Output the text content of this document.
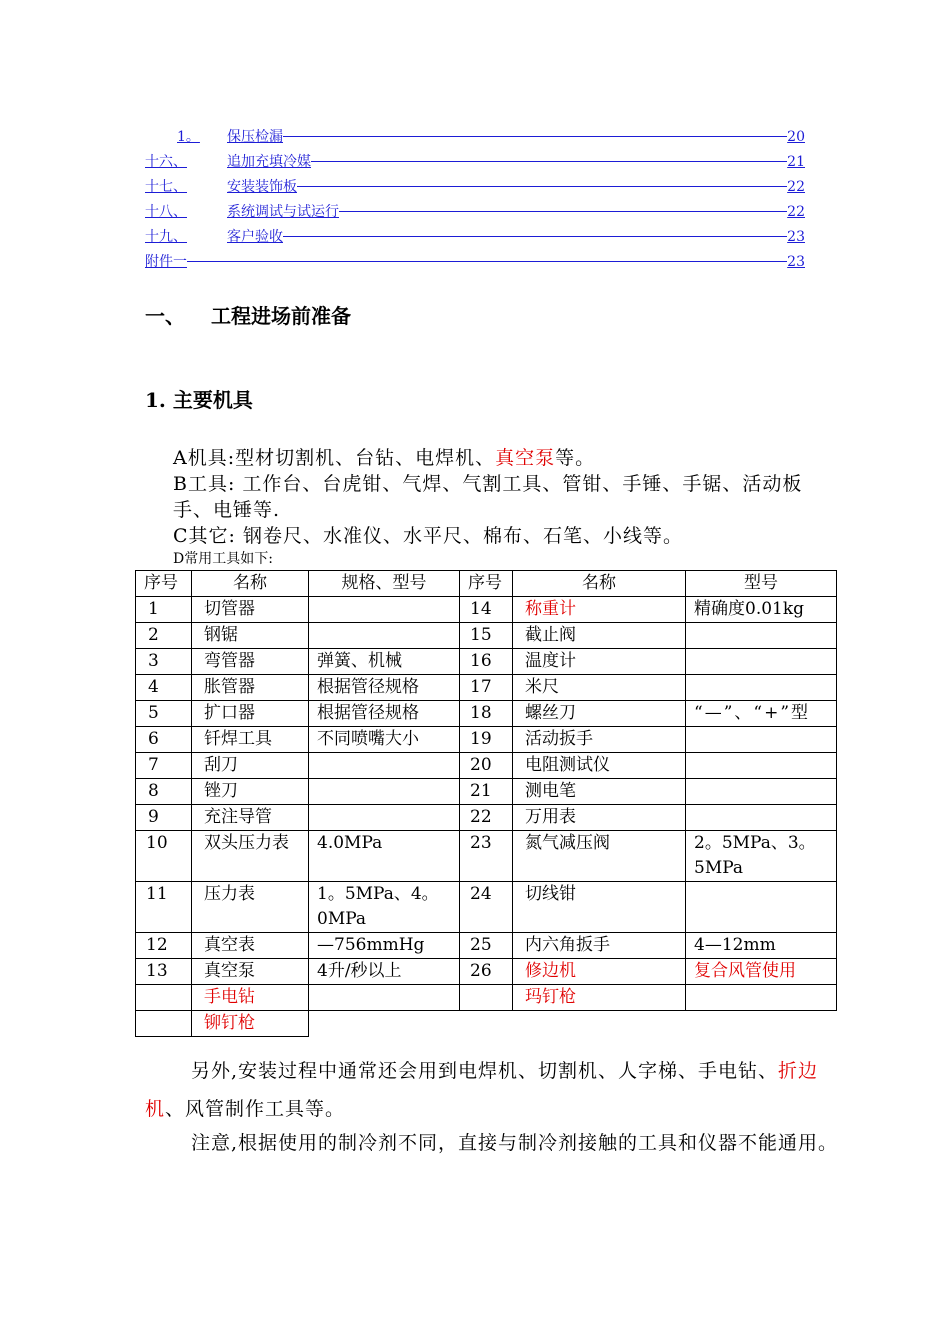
1。	保压检漏	20
十六、	追加充填冷媒	21
十七、	安装装饰板	22
十八、	系统调试与试运行	22
十九、	客户验收	23
附件一	23
一、 工程进场前准备
1. 主要机具
A机具:型材切割机、台钻、电焊机、真空泵等。
B工具: 工作台、台虎钳、气焊、气割工具、管钳、手锤、手锯、活动板手、电锤等.
C其它: 钢卷尺、水准仪、水平尺、棉布、石笔、小线等。
D常用工具如下:
序号	名称	规格、型号	序号	名称	型号
1	切管器		14	称重计	精确度0.01kg
2	钢锯		15	截止阀	
3	弯管器	弹簧、机械	16	温度计	
4	胀管器	根据管径规格	17	米尺	
5	扩口器	根据管径规格	18	螺丝刀	“—”、“+”型
6	钎焊工具	不同喷嘴大小	19	活动扳手	
7	刮刀		20	电阻测试仪	
8	锉刀		21	测电笔	
9	充注导管		22	万用表	
10	双头压力表	4.0MPa	23	氮气减压阀	2。5MPa、3。5MPa
11	压力表	1。5MPa、4。0MPa	24	切线钳	
12	真空表	—756mmHg	25	内六角扳手	4—12mm
13	真空泵	4升/秒以上	26	修边机	复合风管使用
	手电钻			玛钉枪	
	铆钉枪				
另外,安装过程中通常还会用到电焊机、切割机、人字梯、手电钻、折边机、风管制作工具等。
注意,根据使用的制冷剂不同，直接与制冷剂接触的工具和仪器不能通用。
